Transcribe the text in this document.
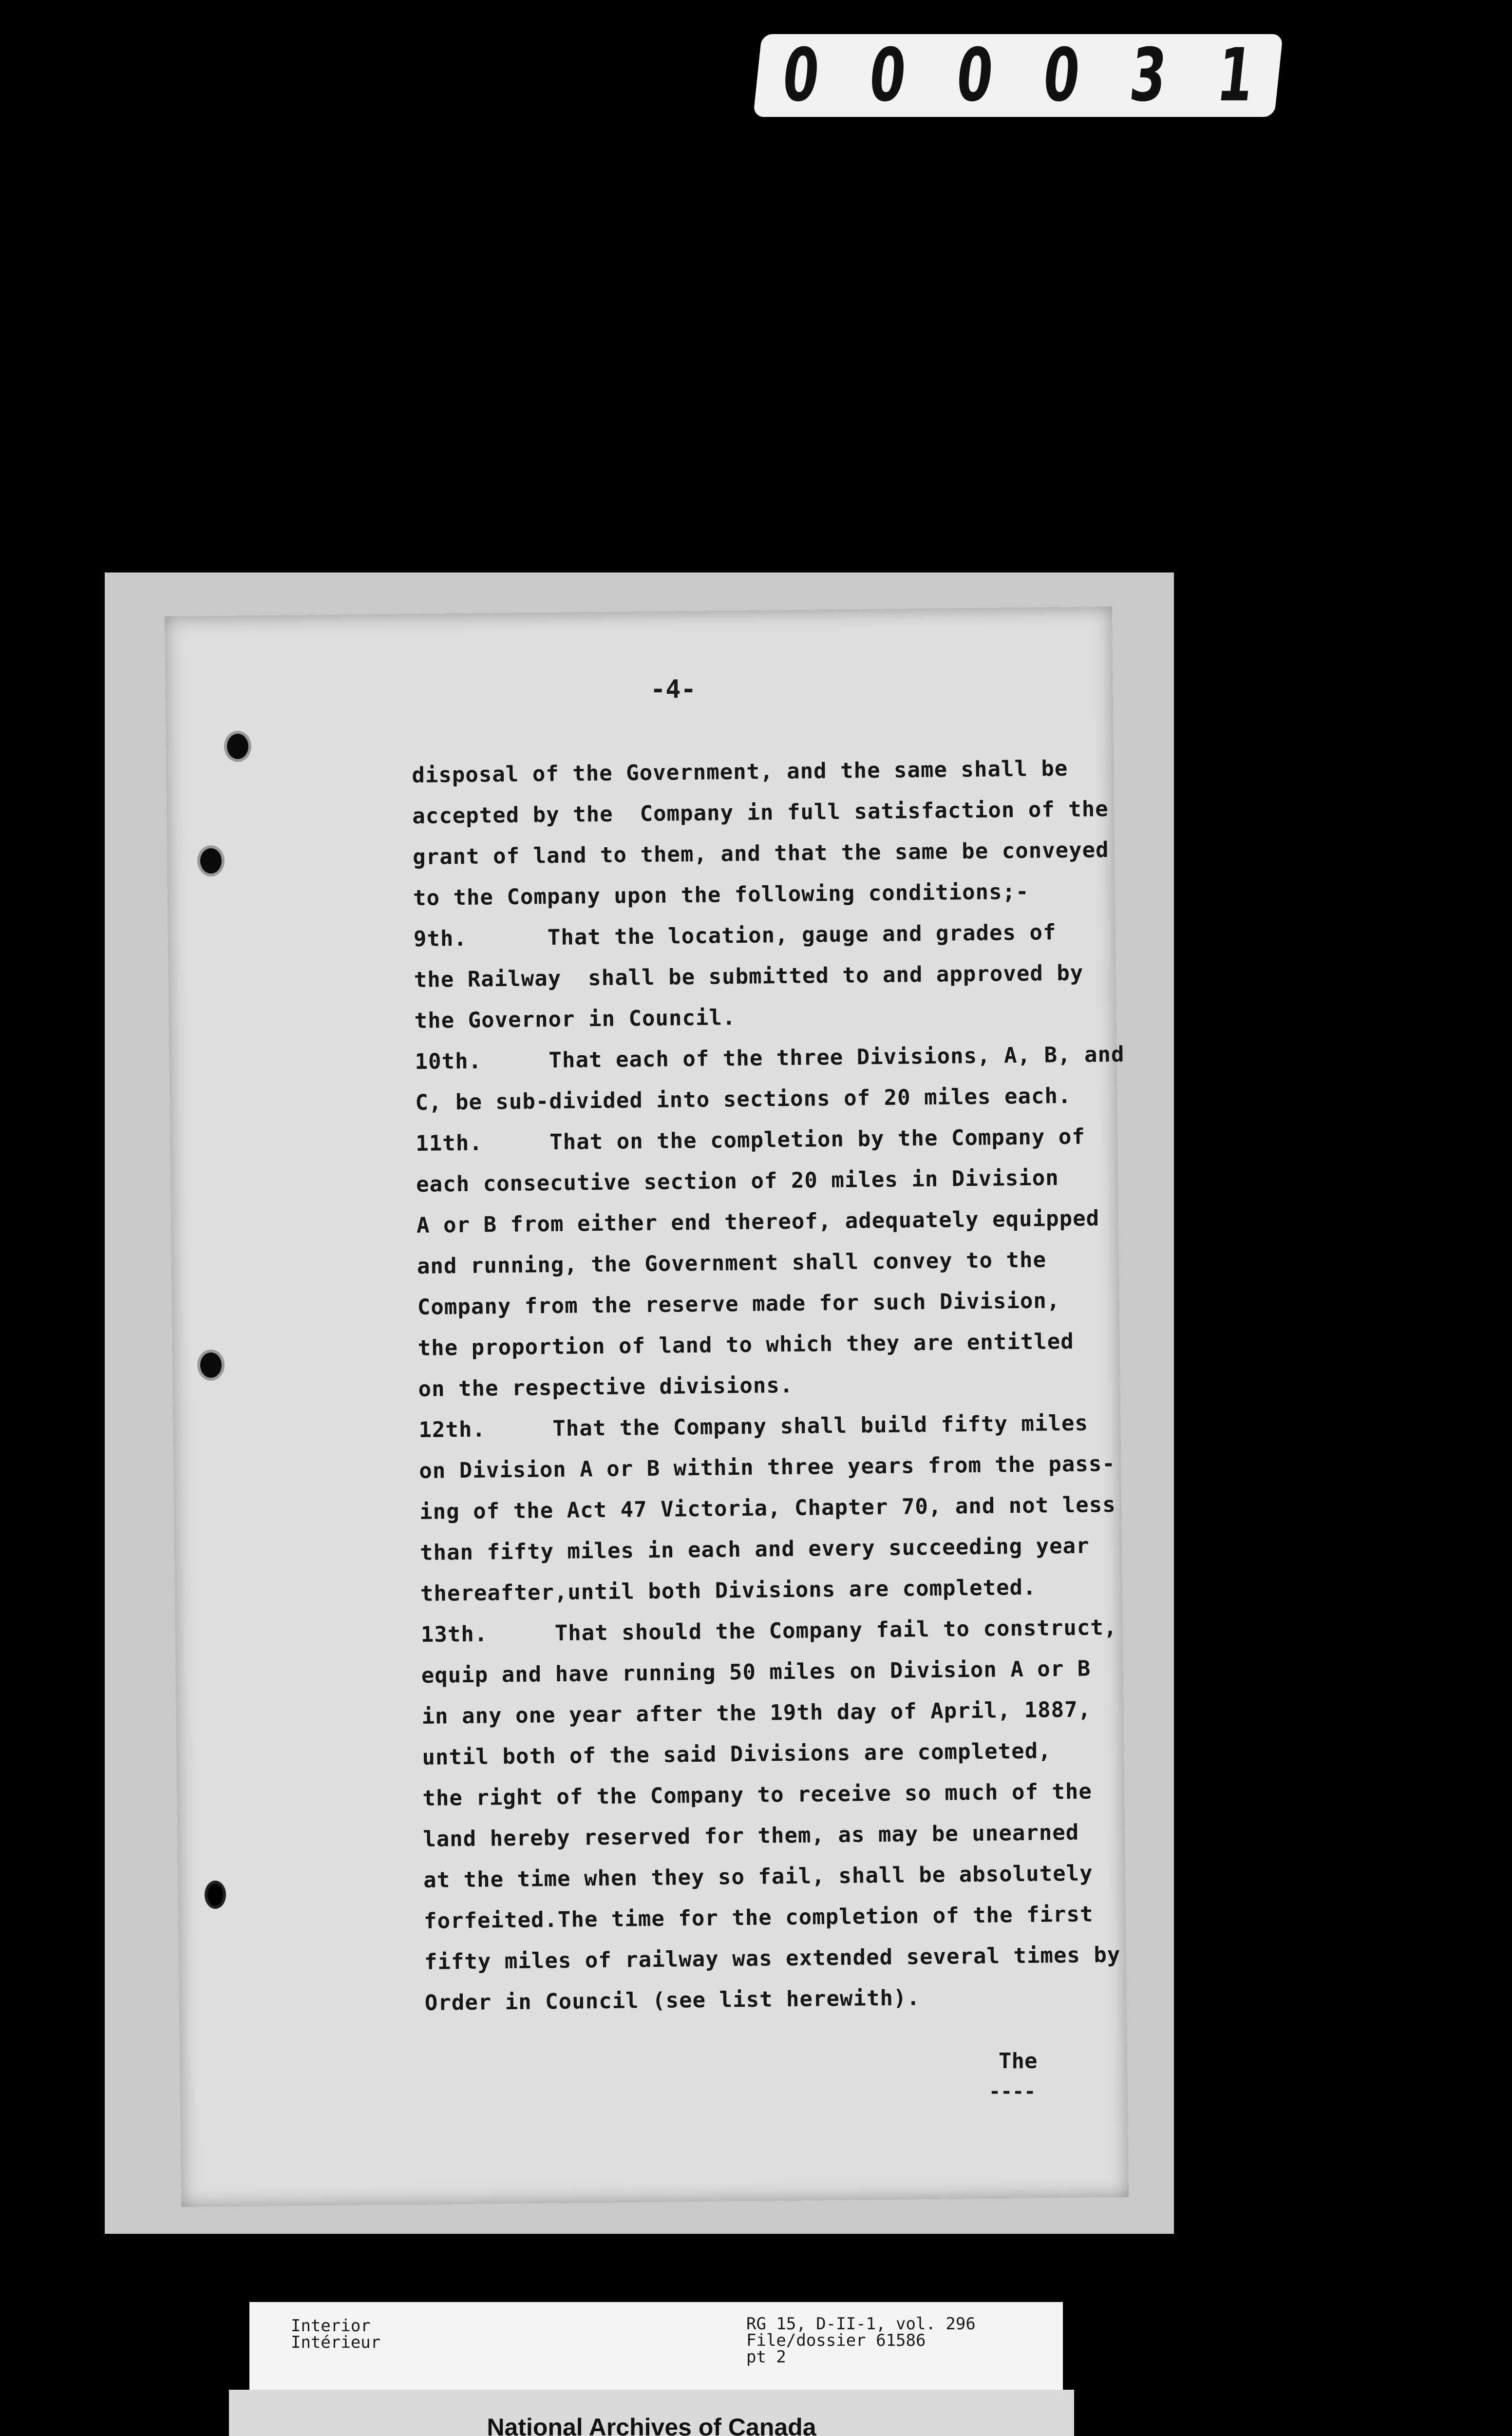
0 0 0 0 3 1
-4-
disposal of the Government, and the same shall be
accepted by the  Company in full satisfaction of the
grant of land to them, and that the same be conveyed
to the Company upon the following conditions;-
9th.      That the location, gauge and grades of
the Railway  shall be submitted to and approved by
the Governor in Council.
10th.     That each of the three Divisions, A, B, and
C, be sub-divided into sections of 20 miles each.
11th.     That on the completion by the Company of
each consecutive section of 20 miles in Division
A or B from either end thereof, adequately equipped
and running, the Government shall convey to the
Company from the reserve made for such Division,
the proportion of land to which they are entitled
on the respective divisions.
12th.     That the Company shall build fifty miles
on Division A or B within three years from the pass-
ing of the Act 47 Victoria, Chapter 70, and not less
than fifty miles in each and every succeeding year
thereafter,until both Divisions are completed.
13th.     That should the Company fail to construct,
equip and have running 50 miles on Division A or B
in any one year after the 19th day of April, 1887,
until both of the said Divisions are completed,
the right of the Company to receive so much of the
land hereby reserved for them, as may be unearned
at the time when they so fail, shall be absolutely
forfeited.The time for the completion of the first
fifty miles of railway was extended several times by
Order in Council (see list herewith).
The
----
Interior
Intérieur
RG 15, D-II-1, vol. 296
File/dossier 61586
pt 2
National Archives of Canada
